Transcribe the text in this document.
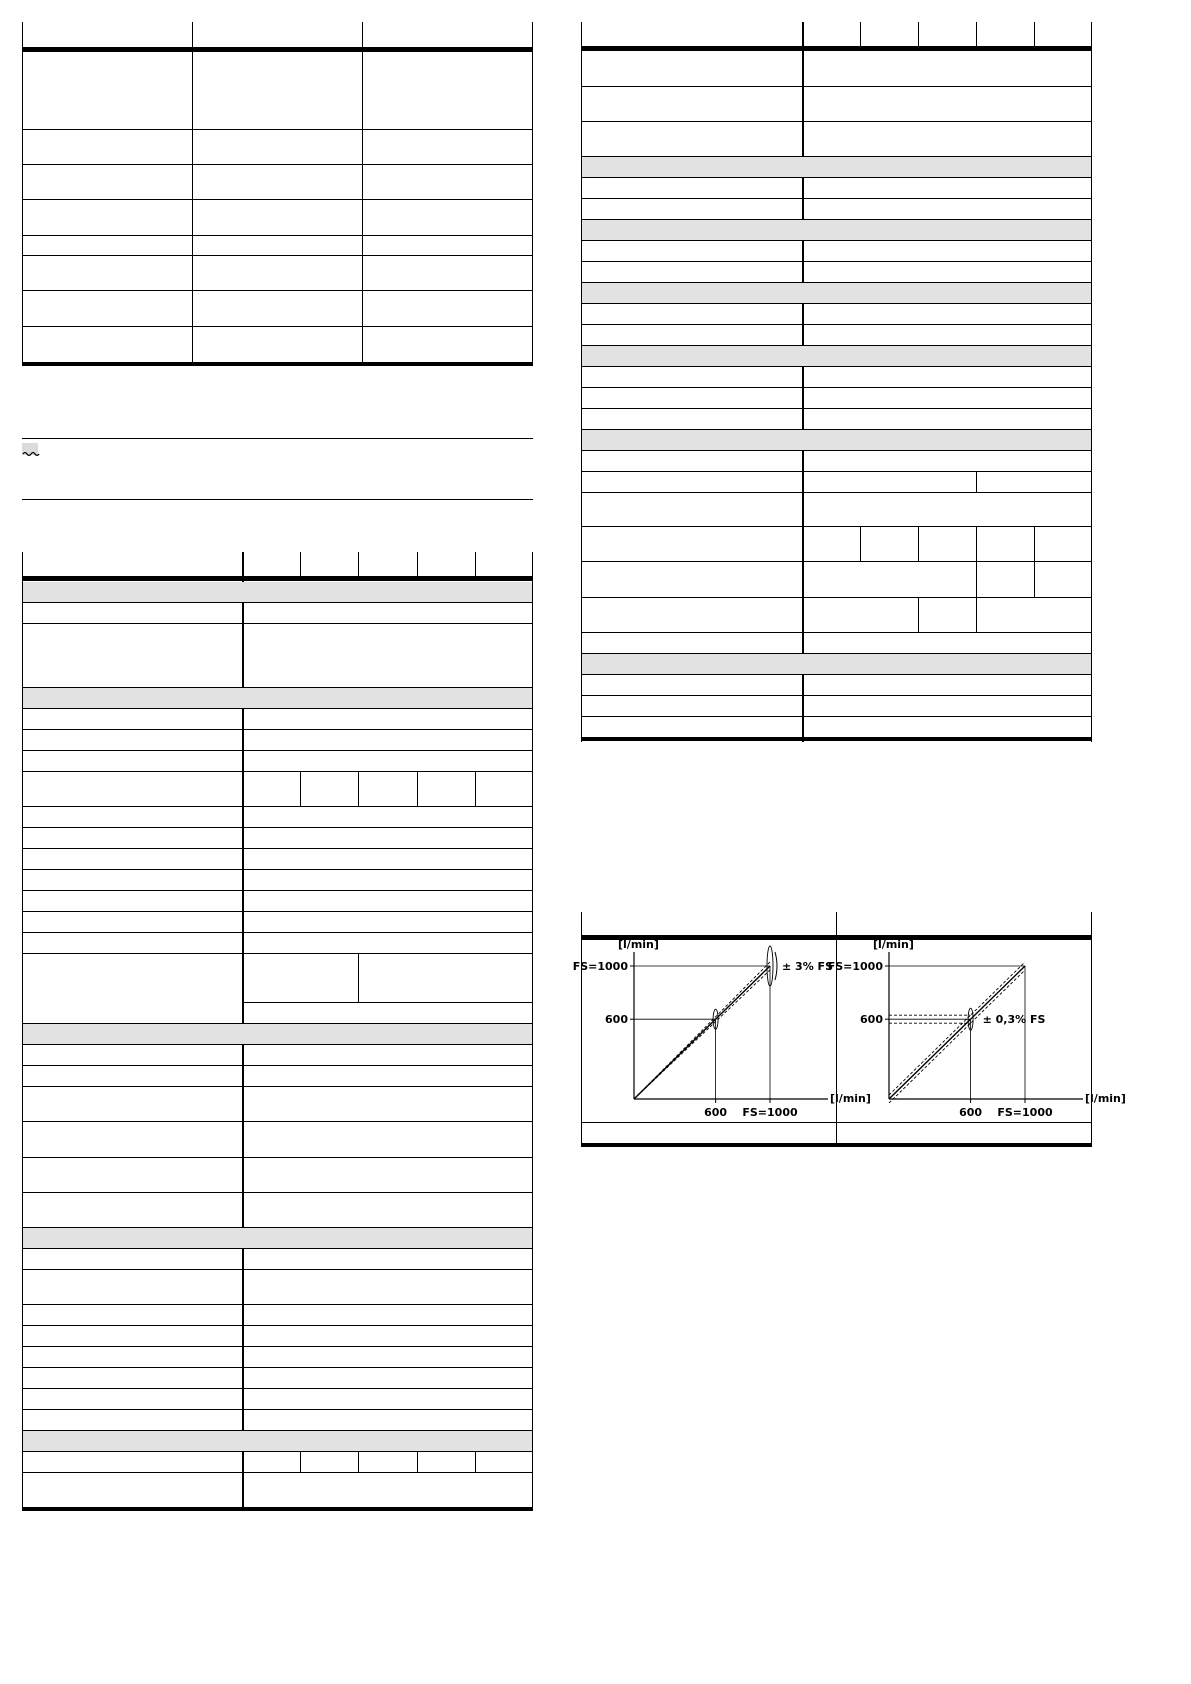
[l/min]
[l/min]
600
FS=1000
600 FS=1000
± 3% FS
[l/min]
[l/min]
600
FS=1000
600 FS=1000
± 0,3% FS
